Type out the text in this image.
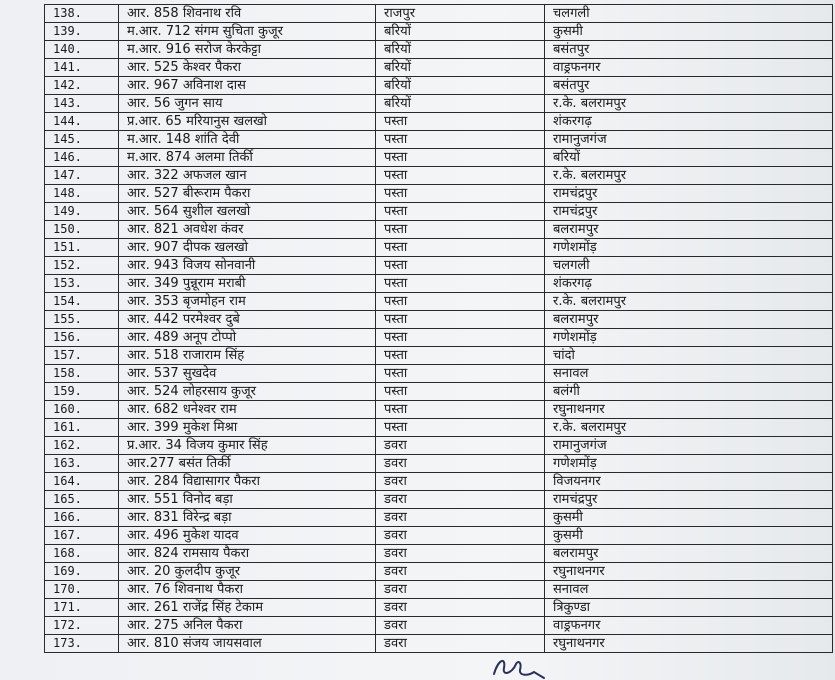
138.	आर. 858 शिवनाथ रवि	राजपुर	चलगली
139.	म.आर. 712 संगम सुचिता कुजूर	बरियों	कुसमी
140.	म.आर. 916 सरोज केरकेट्टा	बरियों	बसंतपुर
141.	आर. 525 केश्वर पैकरा	बरियों	वाड्रफनगर
142.	आर. 967 अविनाश दास	बरियों	बसंतपुर
143.	आर. 56 जुगन साय	बरियों	र.के. बलरामपुर
144.	प्र.आर. 65 मरियानुस खलखो	पस्ता	शंकरगढ़
145.	म.आर. 148 शांति देवी	पस्ता	रामानुजगंज
146.	म.आर. 874 अलमा तिर्की	पस्ता	बरियों
147.	आर. 322 अफजल खान	पस्ता	र.के. बलरामपुर
148.	आर. 527 बीरूराम पैकरा	पस्ता	रामचंद्रपुर
149.	आर. 564 सुशील खलखो	पस्ता	रामचंद्रपुर
150.	आर. 821 अवधेश कंवर	पस्ता	बलरामपुर
151.	आर. 907 दीपक खलखो	पस्ता	गणेशमोंड़
152.	आर. 943 विजय सोनवानी	पस्ता	चलगली
153.	आर. 349 पुन्नूराम मराबी	पस्ता	शंकरगढ़
154.	आर. 353 बृजमोहन राम	पस्ता	र.के. बलरामपुर
155.	आर. 442 परमेश्वर दुबे	पस्ता	बलरामपुर
156.	आर. 489 अनूप टोप्पो	पस्ता	गणेशमोंड़
157.	आर. 518 राजाराम सिंह	पस्ता	चांदो
158.	आर. 537 सुखदेव	पस्ता	सनावल
159.	आर. 524 लोहरसाय कुजूर	पस्ता	बलंगी
160.	आर. 682 धनेश्वर राम	पस्ता	रघुनाथनगर
161.	आर. 399 मुकेश मिश्रा	पस्ता	र.के. बलरामपुर
162.	प्र.आर. 34 विजय कुमार सिंह	डवरा	रामानुजगंज
163.	आर.277 बसंत तिर्की	डवरा	गणेशमोंड़
164.	आर. 284 विद्यासागर पैकरा	डवरा	विजयनगर
165.	आर. 551 विनोद बड़ा	डवरा	रामचंद्रपुर
166.	आर. 831 विरेन्द्र बड़ा	डवरा	कुसमी
167.	आर. 496 मुकेश यादव	डवरा	कुसमी
168.	आर. 824 रामसाय पैकरा	डवरा	बलरामपुर
169.	आर. 20 कुलदीप कुजूर	डवरा	रघुनाथनगर
170.	आर. 76 शिवनाथ पैकरा	डवरा	सनावल
171.	आर. 261 राजेंद्र सिंह टेकाम	डवरा	त्रिकुण्डा
172.	आर. 275 अनिल पैकरा	डवरा	वाड्रफनगर
173.	आर. 810 संजय जायसवाल	डवरा	रघुनाथनगर
